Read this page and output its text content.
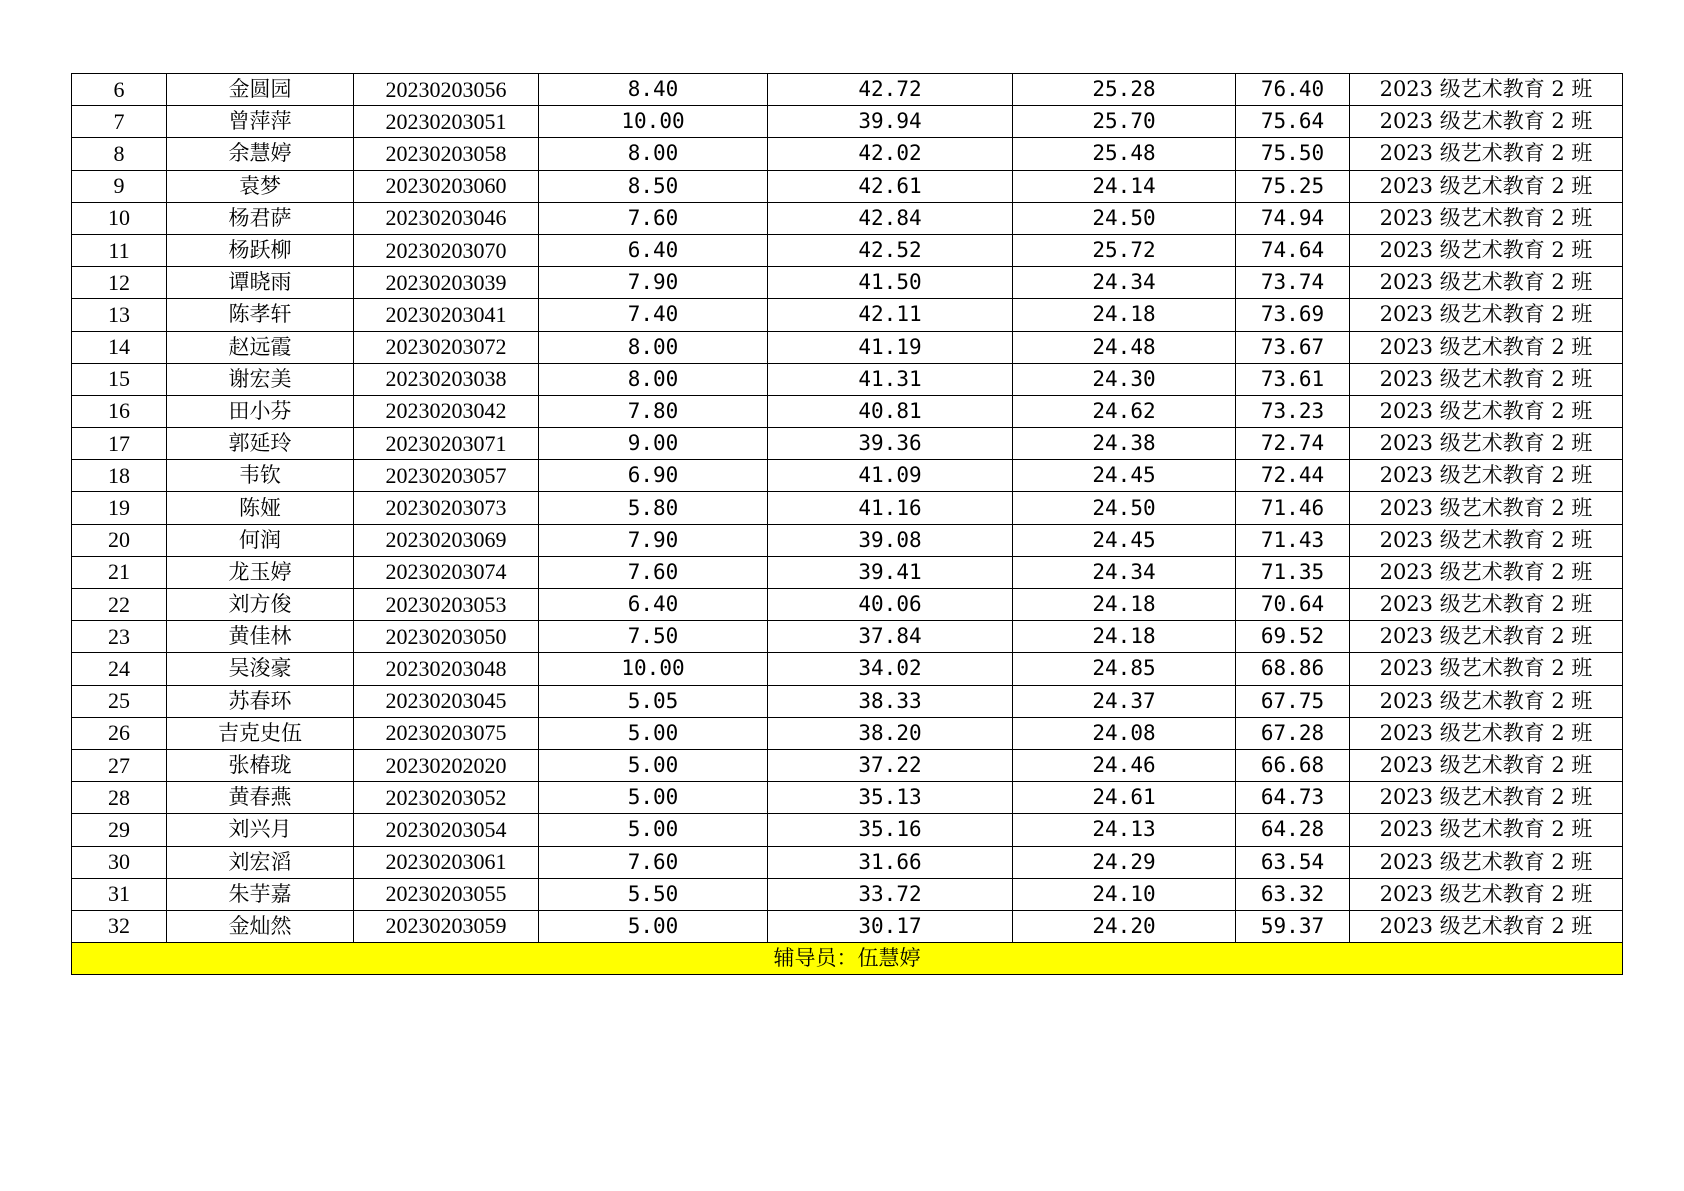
6	金圆园	20230203056	8.40	42.72	25.28	76.40	2023 级艺术教育 2 班
7	曾萍萍	20230203051	10.00	39.94	25.70	75.64	2023 级艺术教育 2 班
8	余慧婷	20230203058	8.00	42.02	25.48	75.50	2023 级艺术教育 2 班
9	袁梦	20230203060	8.50	42.61	24.14	75.25	2023 级艺术教育 2 班
10	杨君萨	20230203046	7.60	42.84	24.50	74.94	2023 级艺术教育 2 班
11	杨跃柳	20230203070	6.40	42.52	25.72	74.64	2023 级艺术教育 2 班
12	谭晓雨	20230203039	7.90	41.50	24.34	73.74	2023 级艺术教育 2 班
13	陈孝轩	20230203041	7.40	42.11	24.18	73.69	2023 级艺术教育 2 班
14	赵远霞	20230203072	8.00	41.19	24.48	73.67	2023 级艺术教育 2 班
15	谢宏美	20230203038	8.00	41.31	24.30	73.61	2023 级艺术教育 2 班
16	田小芬	20230203042	7.80	40.81	24.62	73.23	2023 级艺术教育 2 班
17	郭延玲	20230203071	9.00	39.36	24.38	72.74	2023 级艺术教育 2 班
18	韦钦	20230203057	6.90	41.09	24.45	72.44	2023 级艺术教育 2 班
19	陈娅	20230203073	5.80	41.16	24.50	71.46	2023 级艺术教育 2 班
20	何润	20230203069	7.90	39.08	24.45	71.43	2023 级艺术教育 2 班
21	龙玉婷	20230203074	7.60	39.41	24.34	71.35	2023 级艺术教育 2 班
22	刘方俊	20230203053	6.40	40.06	24.18	70.64	2023 级艺术教育 2 班
23	黄佳林	20230203050	7.50	37.84	24.18	69.52	2023 级艺术教育 2 班
24	吴浚豪	20230203048	10.00	34.02	24.85	68.86	2023 级艺术教育 2 班
25	苏春环	20230203045	5.05	38.33	24.37	67.75	2023 级艺术教育 2 班
26	吉克史伍	20230203075	5.00	38.20	24.08	67.28	2023 级艺术教育 2 班
27	张椿珑	20230202020	5.00	37.22	24.46	66.68	2023 级艺术教育 2 班
28	黄春燕	20230203052	5.00	35.13	24.61	64.73	2023 级艺术教育 2 班
29	刘兴月	20230203054	5.00	35.16	24.13	64.28	2023 级艺术教育 2 班
30	刘宏滔	20230203061	7.60	31.66	24.29	63.54	2023 级艺术教育 2 班
31	朱芋嘉	20230203055	5.50	33.72	24.10	63.32	2023 级艺术教育 2 班
32	金灿然	20230203059	5.00	30.17	24.20	59.37	2023 级艺术教育 2 班
辅导员：伍慧婷							
